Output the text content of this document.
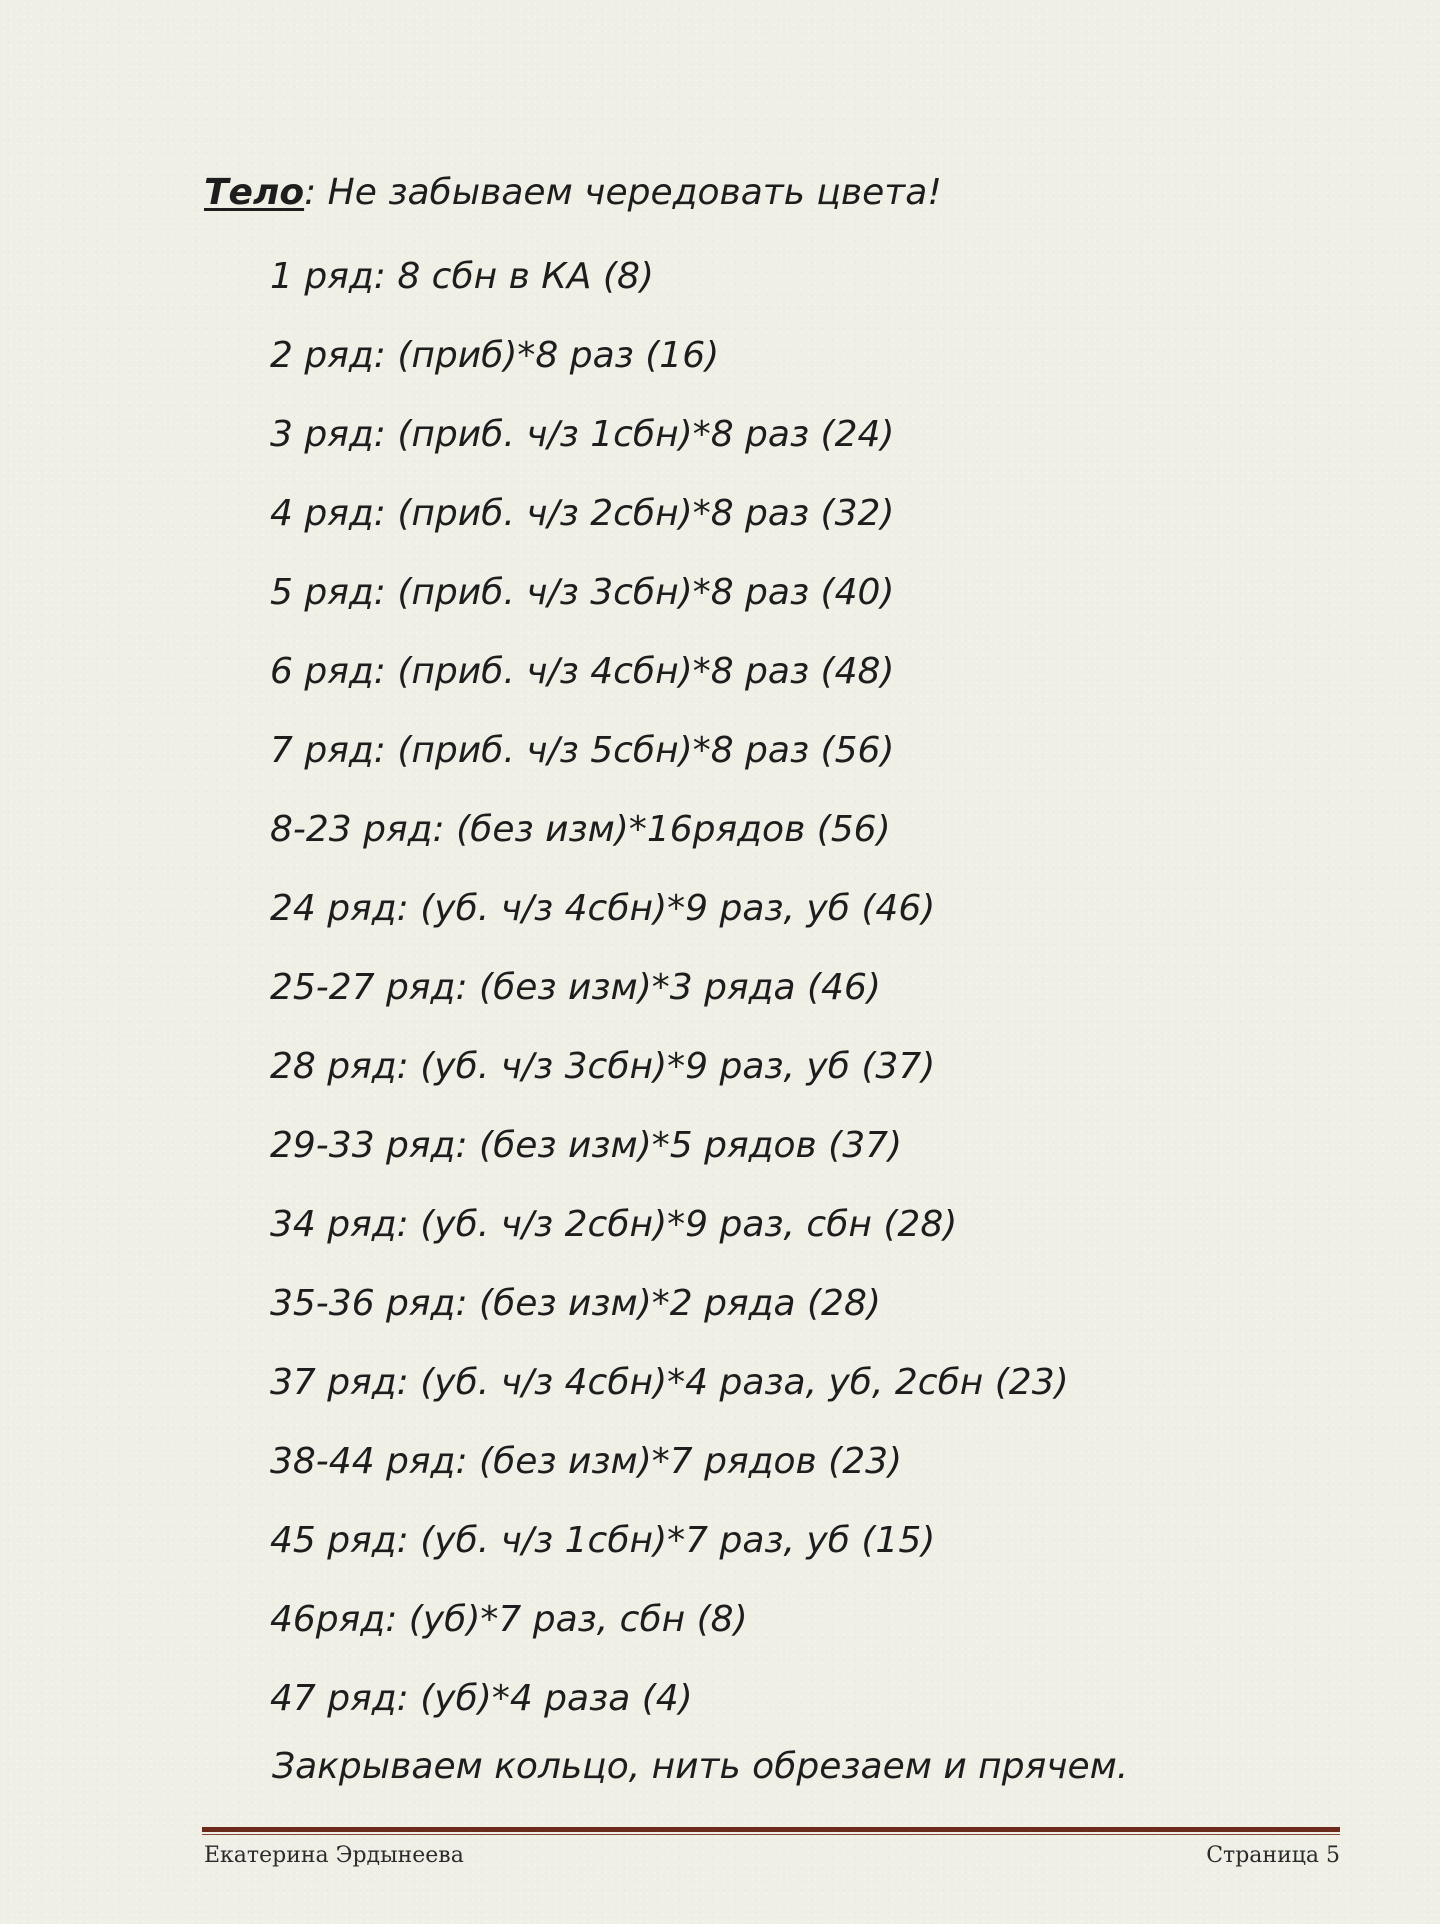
Тело: Не забываем чередовать цвета!
1 ряд: 8 сбн в КА (8)
2 ряд: (приб)*8 раз (16)
3 ряд: (приб. ч/з 1сбн)*8 раз (24)
4 ряд: (приб. ч/з 2сбн)*8 раз (32)
5 ряд: (приб. ч/з 3сбн)*8 раз (40)
6 ряд: (приб. ч/з 4сбн)*8 раз (48)
7 ряд: (приб. ч/з 5сбн)*8 раз (56)
8-23 ряд: (без изм)*16рядов (56)
24 ряд: (уб. ч/з 4сбн)*9 раз, уб (46)
25-27 ряд: (без изм)*3 ряда (46)
28 ряд: (уб. ч/з 3сбн)*9 раз, уб (37)
29-33 ряд: (без изм)*5 рядов (37)
34 ряд: (уб. ч/з 2сбн)*9 раз, сбн (28)
35-36 ряд: (без изм)*2 ряда (28)
37 ряд: (уб. ч/з 4сбн)*4 раза, уб, 2сбн (23)
38-44 ряд: (без изм)*7 рядов (23)
45 ряд: (уб. ч/з 1сбн)*7 раз, уб (15)
46ряд: (уб)*7 раз, сбн (8)
47 ряд: (уб)*4 раза (4)
Закрываем кольцо, нить обрезаем и прячем.
Екатерина Эрдынеева	Страница 5
